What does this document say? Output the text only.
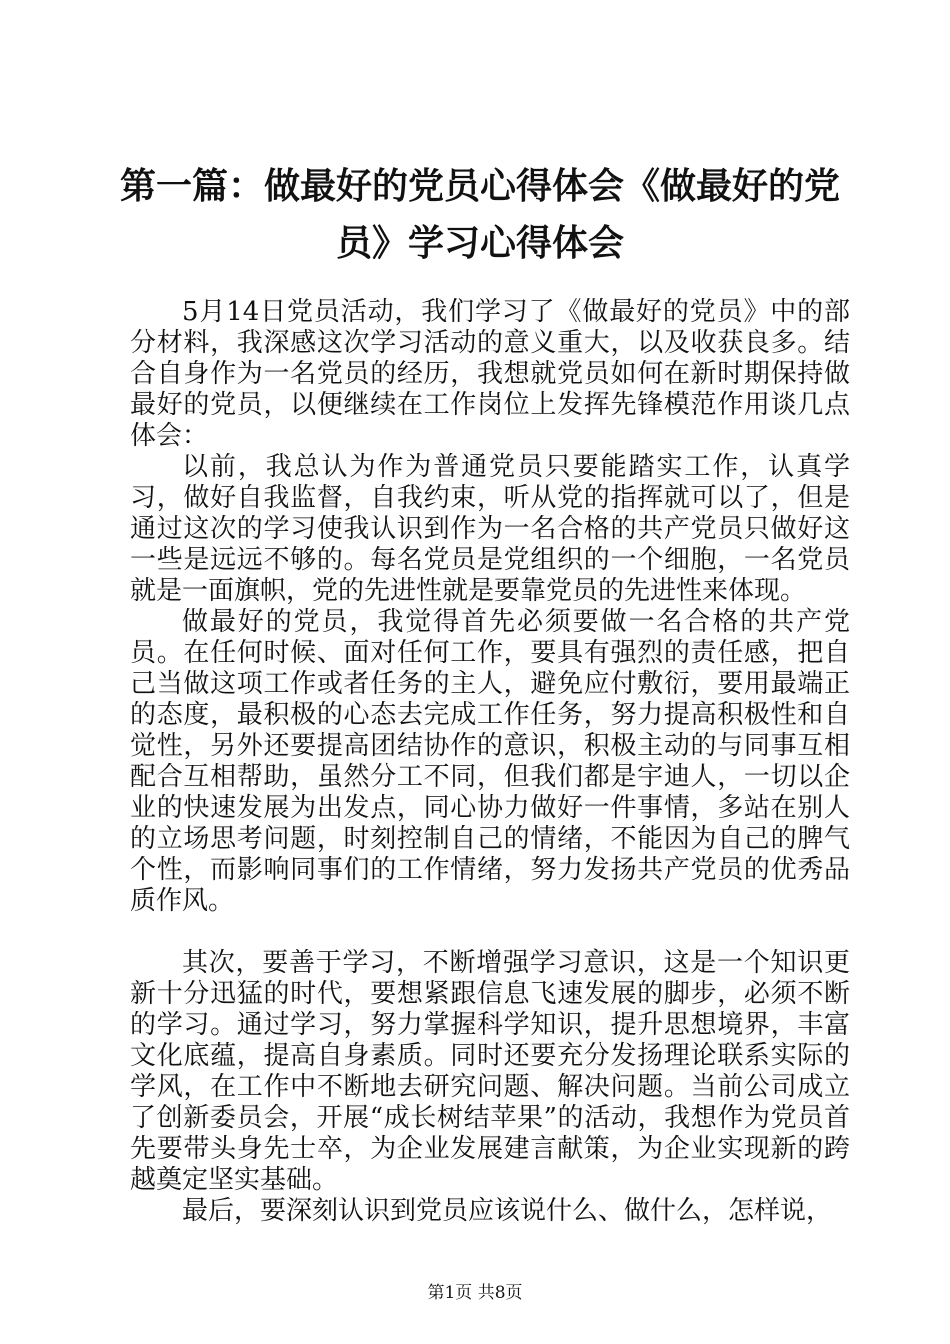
第一篇：做最好的党员心得体会《做最好的党员》学习心得体会

5月14日党员活动，我们学习了《做最好的党员》中的部分材料，我深感这次学习活动的意义重大，以及收获良多。结合自身作为一名党员的经历，我想就党员如何在新时期保持做最好的党员，以便继续在工作岗位上发挥先锋模范作用谈几点体会：

以前，我总认为作为普通党员只要能踏实工作，认真学习，做好自我监督，自我约束，听从党的指挥就可以了，但是通过这次的学习使我认识到作为一名合格的共产党员只做好这一些是远远不够的。每名党员是党组织的一个细胞，一名党员就是一面旗帜，党的先进性就是要靠党员的先进性来体现。

做最好的党员，我觉得首先必须要做一名合格的共产党员。在任何时候、面对任何工作，要具有强烈的责任感，把自己当做这项工作或者任务的主人，避免应付敷衍，要用最端正的态度，最积极的心态去完成工作任务，努力提高积极性和自觉性，另外还要提高团结协作的意识，积极主动的与同事互相配合互相帮助，虽然分工不同，但我们都是宇迪人，一切以企业的快速发展为出发点，同心协力做好一件事情，多站在别人的立场思考问题，时刻控制自己的情绪，不能因为自己的脾气个性，而影响同事们的工作情绪，努力发扬共产党员的优秀品质作风。

其次，要善于学习，不断增强学习意识，这是一个知识更新十分迅猛的时代，要想紧跟信息飞速发展的脚步，必须不断的学习。通过学习，努力掌握科学知识，提升思想境界，丰富文化底蕴，提高自身素质。同时还要充分发扬理论联系实际的学风，在工作中不断地去研究问题、解决问题。当前公司成立了创新委员会，开展“成长树结苹果”的活动，我想作为党员首先要带头身先士卒，为企业发展建言献策，为企业实现新的跨越奠定坚实基础。

最后，要深刻认识到党员应该说什么、做什么，怎样说，

第1页 共8页
